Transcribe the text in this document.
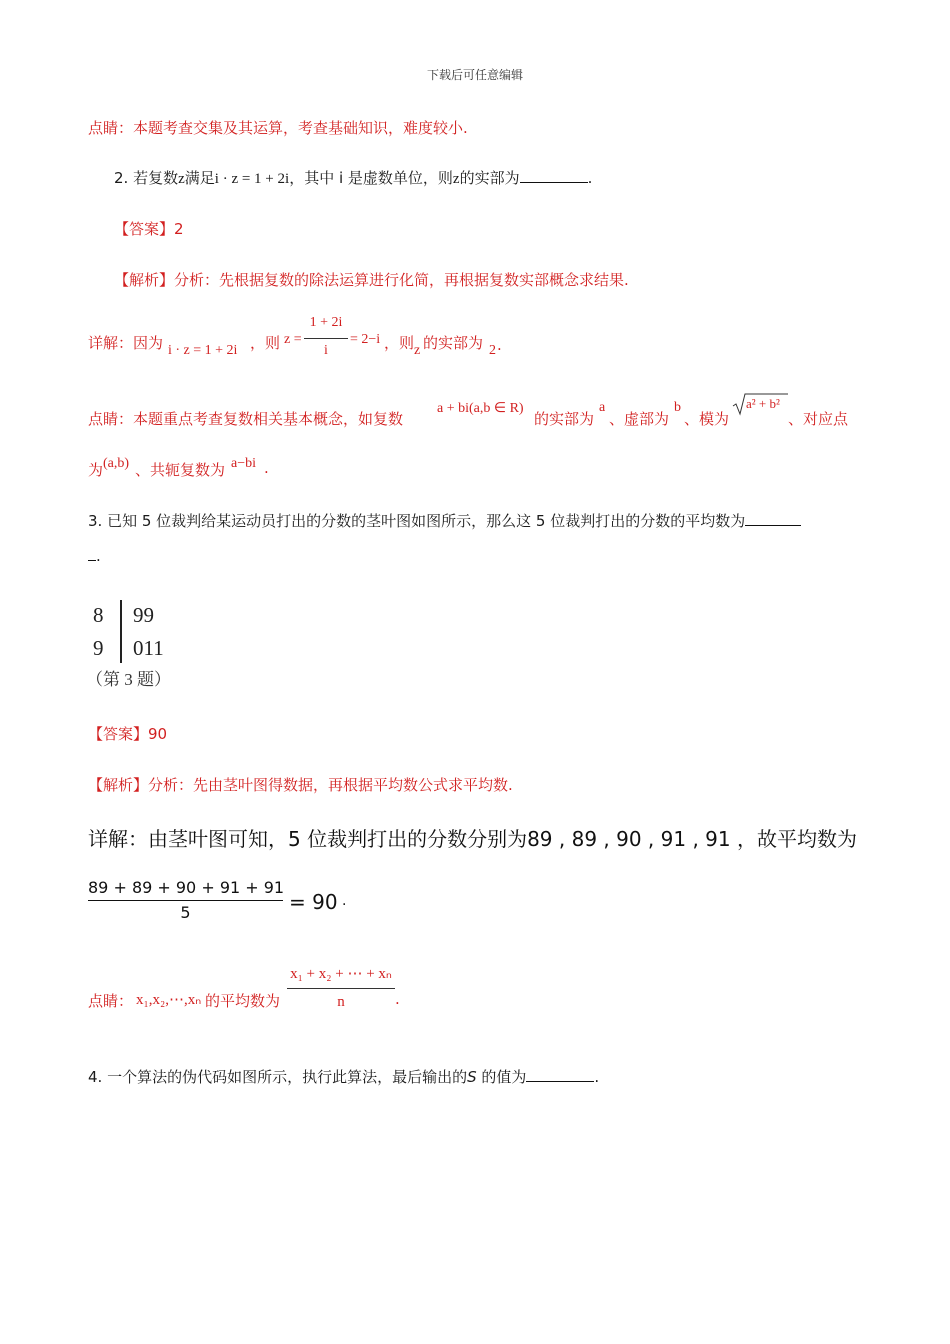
下载后可任意编辑
点睛：本题考查交集及其运算，考查基础知识，难度较小.
2. 若复数z满足i · z = 1 + 2i，其中 i 是虚数单位，则z的实部为	.
【答案】2
【解析】分析：先根据复数的除法运算进行化简，再根据复数实部概念求结果.
详解：因为 i · z = 1 + 2i ，则 z =
1 + 2i
i
= 2−i ，则 z 的实部为 2 .
点睛：本题重点考查复数相关基本概念，如复数
a + bi(a,b ∈ R)
的实部为
a
、虚部为
b
、模为
a² + b²
、对应点
为 (a,b) 、共轭复数为 a−bi .
3. 已知 5 位裁判给某运动员打出的分数的茎叶图如图所示，那么这 5 位裁判打出的分数的平均数为
.
8 99
9 011
（第 3 题）
【答案】90
【解析】分析：先由茎叶图得数据，再根据平均数公式求平均数.
详解：由茎叶图可知，5 位裁判打出的分数分别为89 , 89 , 90 , 91 , 91 ，故平均数为
89 + 89 + 90 + 91 + 91
5	= 90 .
点睛： x₁,x₂,⋯,xₙ 的平均数为
x₁ + x₂ + ⋯ + xₙ
n	.
4. 一个算法的伪代码如图所示，执行此算法，最后输出的S 的值为	.
